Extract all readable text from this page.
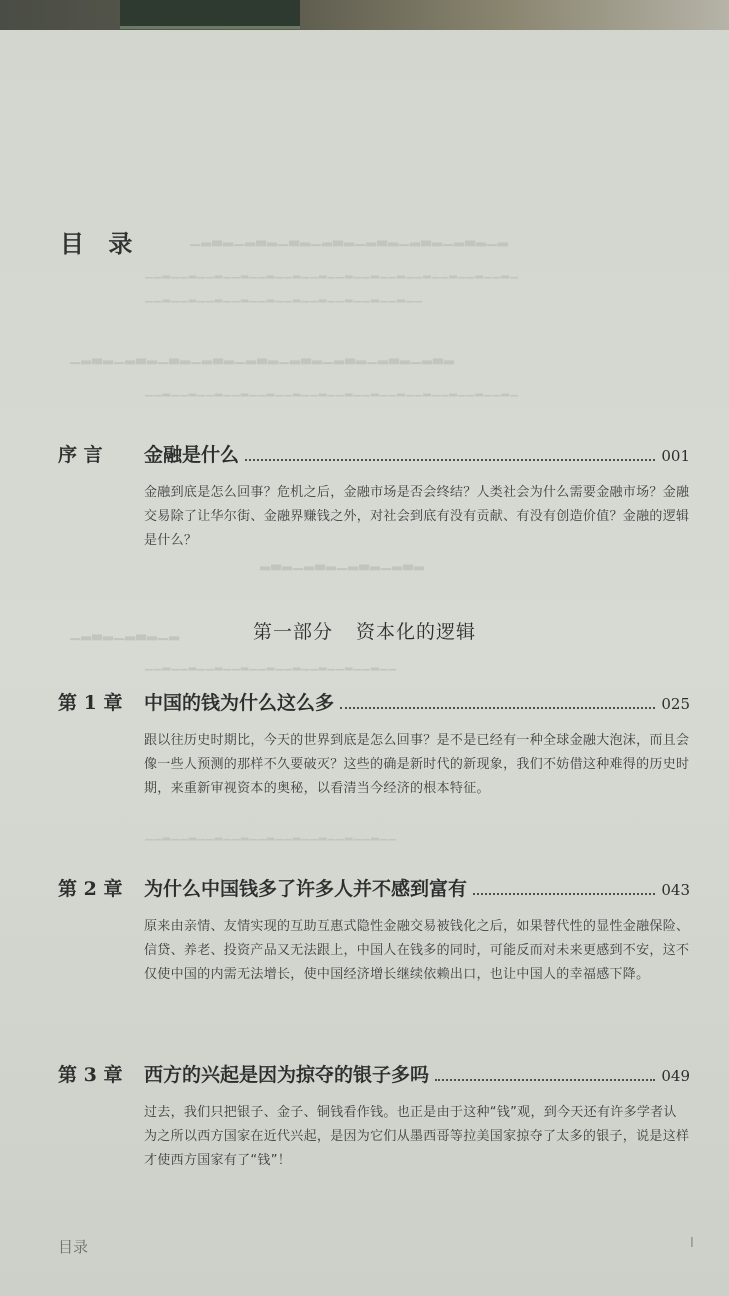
▁▂▃▂▁▂▃▂▁▃▂▁▂▃▂▁▂▃▂▁▂▃▂▁▂▃▂▁▂
▁▁▂▁▁▂▁▁▂▁▁▂▁▁▂▁▁▂▁▁▂▁▁▂▁▁▂▁▁▂▁▁▂▁▁▂▁▁▂▁▁▂▁
▁▁▂▁▁▂▁▁▂▁▁▂▁▁▂▁▁▂▁▁▂▁▁▂▁▁▂▁▁▂▁▁
▁▂▃▂▁▂▃▂▁▃▂▁▂▃▂▁▂▃▂▁▂▃▂▁▂▃▂▁▂▃▂▁▂▃▂
▁▁▂▁▁▂▁▁▂▁▁▂▁▁▂▁▁▂▁▁▂▁▁▂▁▁▂▁▁▂▁▁▂▁▁▂▁▁▂▁▁▂▁
▂▃▂▁▂▃▂▁▂▃▂▁▂▃▂
▁▂▃▂▁▂▃▂▁▂
▁▁▂▁▁▂▁▁▂▁▁▂▁▁▂▁▁▂▁▁▂▁▁▂▁▁▂▁▁
▁▁▂▁▁▂▁▁▂▁▁▂▁▁▂▁▁▂▁▁▂▁▁▂▁▁▂▁▁
目 录
序 言	金融是什么	001
金融到底是怎么回事？危机之后，金融市场是否会终结？人类社会为什么需要金融市场？金融交易除了让华尔街、金融界赚钱之外，对社会到底有没有贡献、有没有创造价值？金融的逻辑是什么？
第一部分 资本化的逻辑
第 1 章	中国的钱为什么这么多	025
跟以往历史时期比，今天的世界到底是怎么回事？是不是已经有一种全球金融大泡沫，而且会像一些人预测的那样不久要破灭？这些的确是新时代的新现象，我们不妨借这种难得的历史时期，来重新审视资本的奥秘，以看清当今经济的根本特征。
第 2 章	为什么中国钱多了许多人并不感到富有	043
原来由亲情、友情实现的互助互惠式隐性金融交易被钱化之后，如果替代性的显性金融保险、信贷、养老、投资产品又无法跟上，中国人在钱多的同时，可能反而对未来更感到不安，这不仅使中国的内需无法增长，使中国经济增长继续依赖出口，也让中国人的幸福感下降。
第 3 章	西方的兴起是因为掠夺的银子多吗	049
过去，我们只把银子、金子、铜钱看作钱。也正是由于这种“钱”观，到今天还有许多学者认为之所以西方国家在近代兴起，是因为它们从墨西哥等拉美国家掠夺了太多的银子，说是这样才使西方国家有了“钱”！
目录	I
